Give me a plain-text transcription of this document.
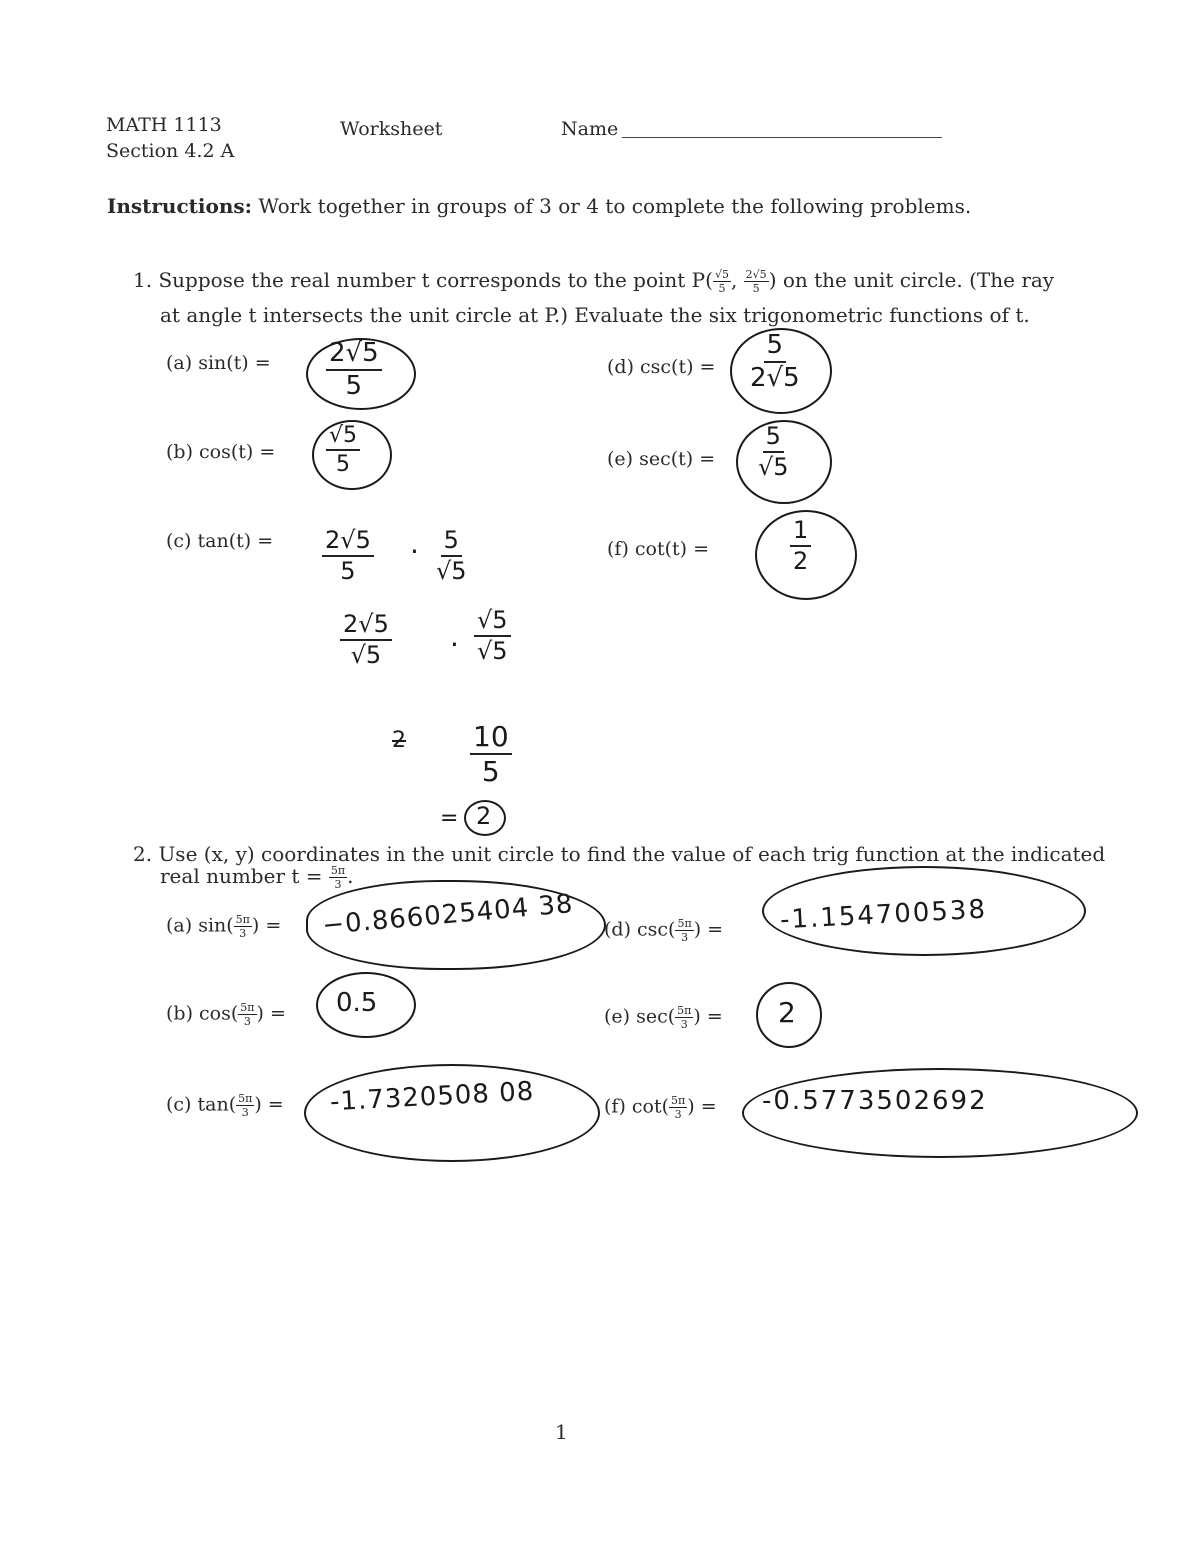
MATH 1113
Section 4.2 A
Worksheet	Name
Instructions: Work together in groups of 3 or 4 to complete the following problems.
1. Suppose the real number t corresponds to the point $P( \frac{√5}{5}$ , $\frac{2√5}{5}$ ) on the unit circle. (The ray
at angle t intersects the unit circle at P.) Evaluate the six trigonometric functions of t.
(a) sin(t) =
(b) cos(t) =
(c) tan(t) =
(d) csc(t) =
(e) sec(t) =
(f) cot(t) =
$\frac{2√5}{5}$
$\frac{√5}{5}$
$\frac{5}{2√5}$
$\frac{5}{√5}$
$\frac{1}{2}$
$\frac{2√5}{5} \cdot \frac{5}{√5}$
$\frac{2√5}{√5} \cdot \frac{√5}{√5}$
$2 \frac{10}{5}$
= 2
2. Use (x, y) coordinates in the unit circle to find the value of each trig function at the indicated
real number $t = \frac{5\pi}{3}$ .
(a) $\sin( \frac{5\pi}{3}$ ) =
(b) $\cos( \frac{5\pi}{3}$ ) =
(c) $\tan( \frac{5\pi}{3}$ ) =
(d) $\csc( \frac{5\pi}{3}$ ) =
(e) $\sec( \frac{5\pi}{3}$ ) =
(f) $\cot( \frac{5\pi}{3}$ ) =
−0.866025404 38
0.5
-1.7320508 08
-1.154700538
2
-0.5773502692
1
